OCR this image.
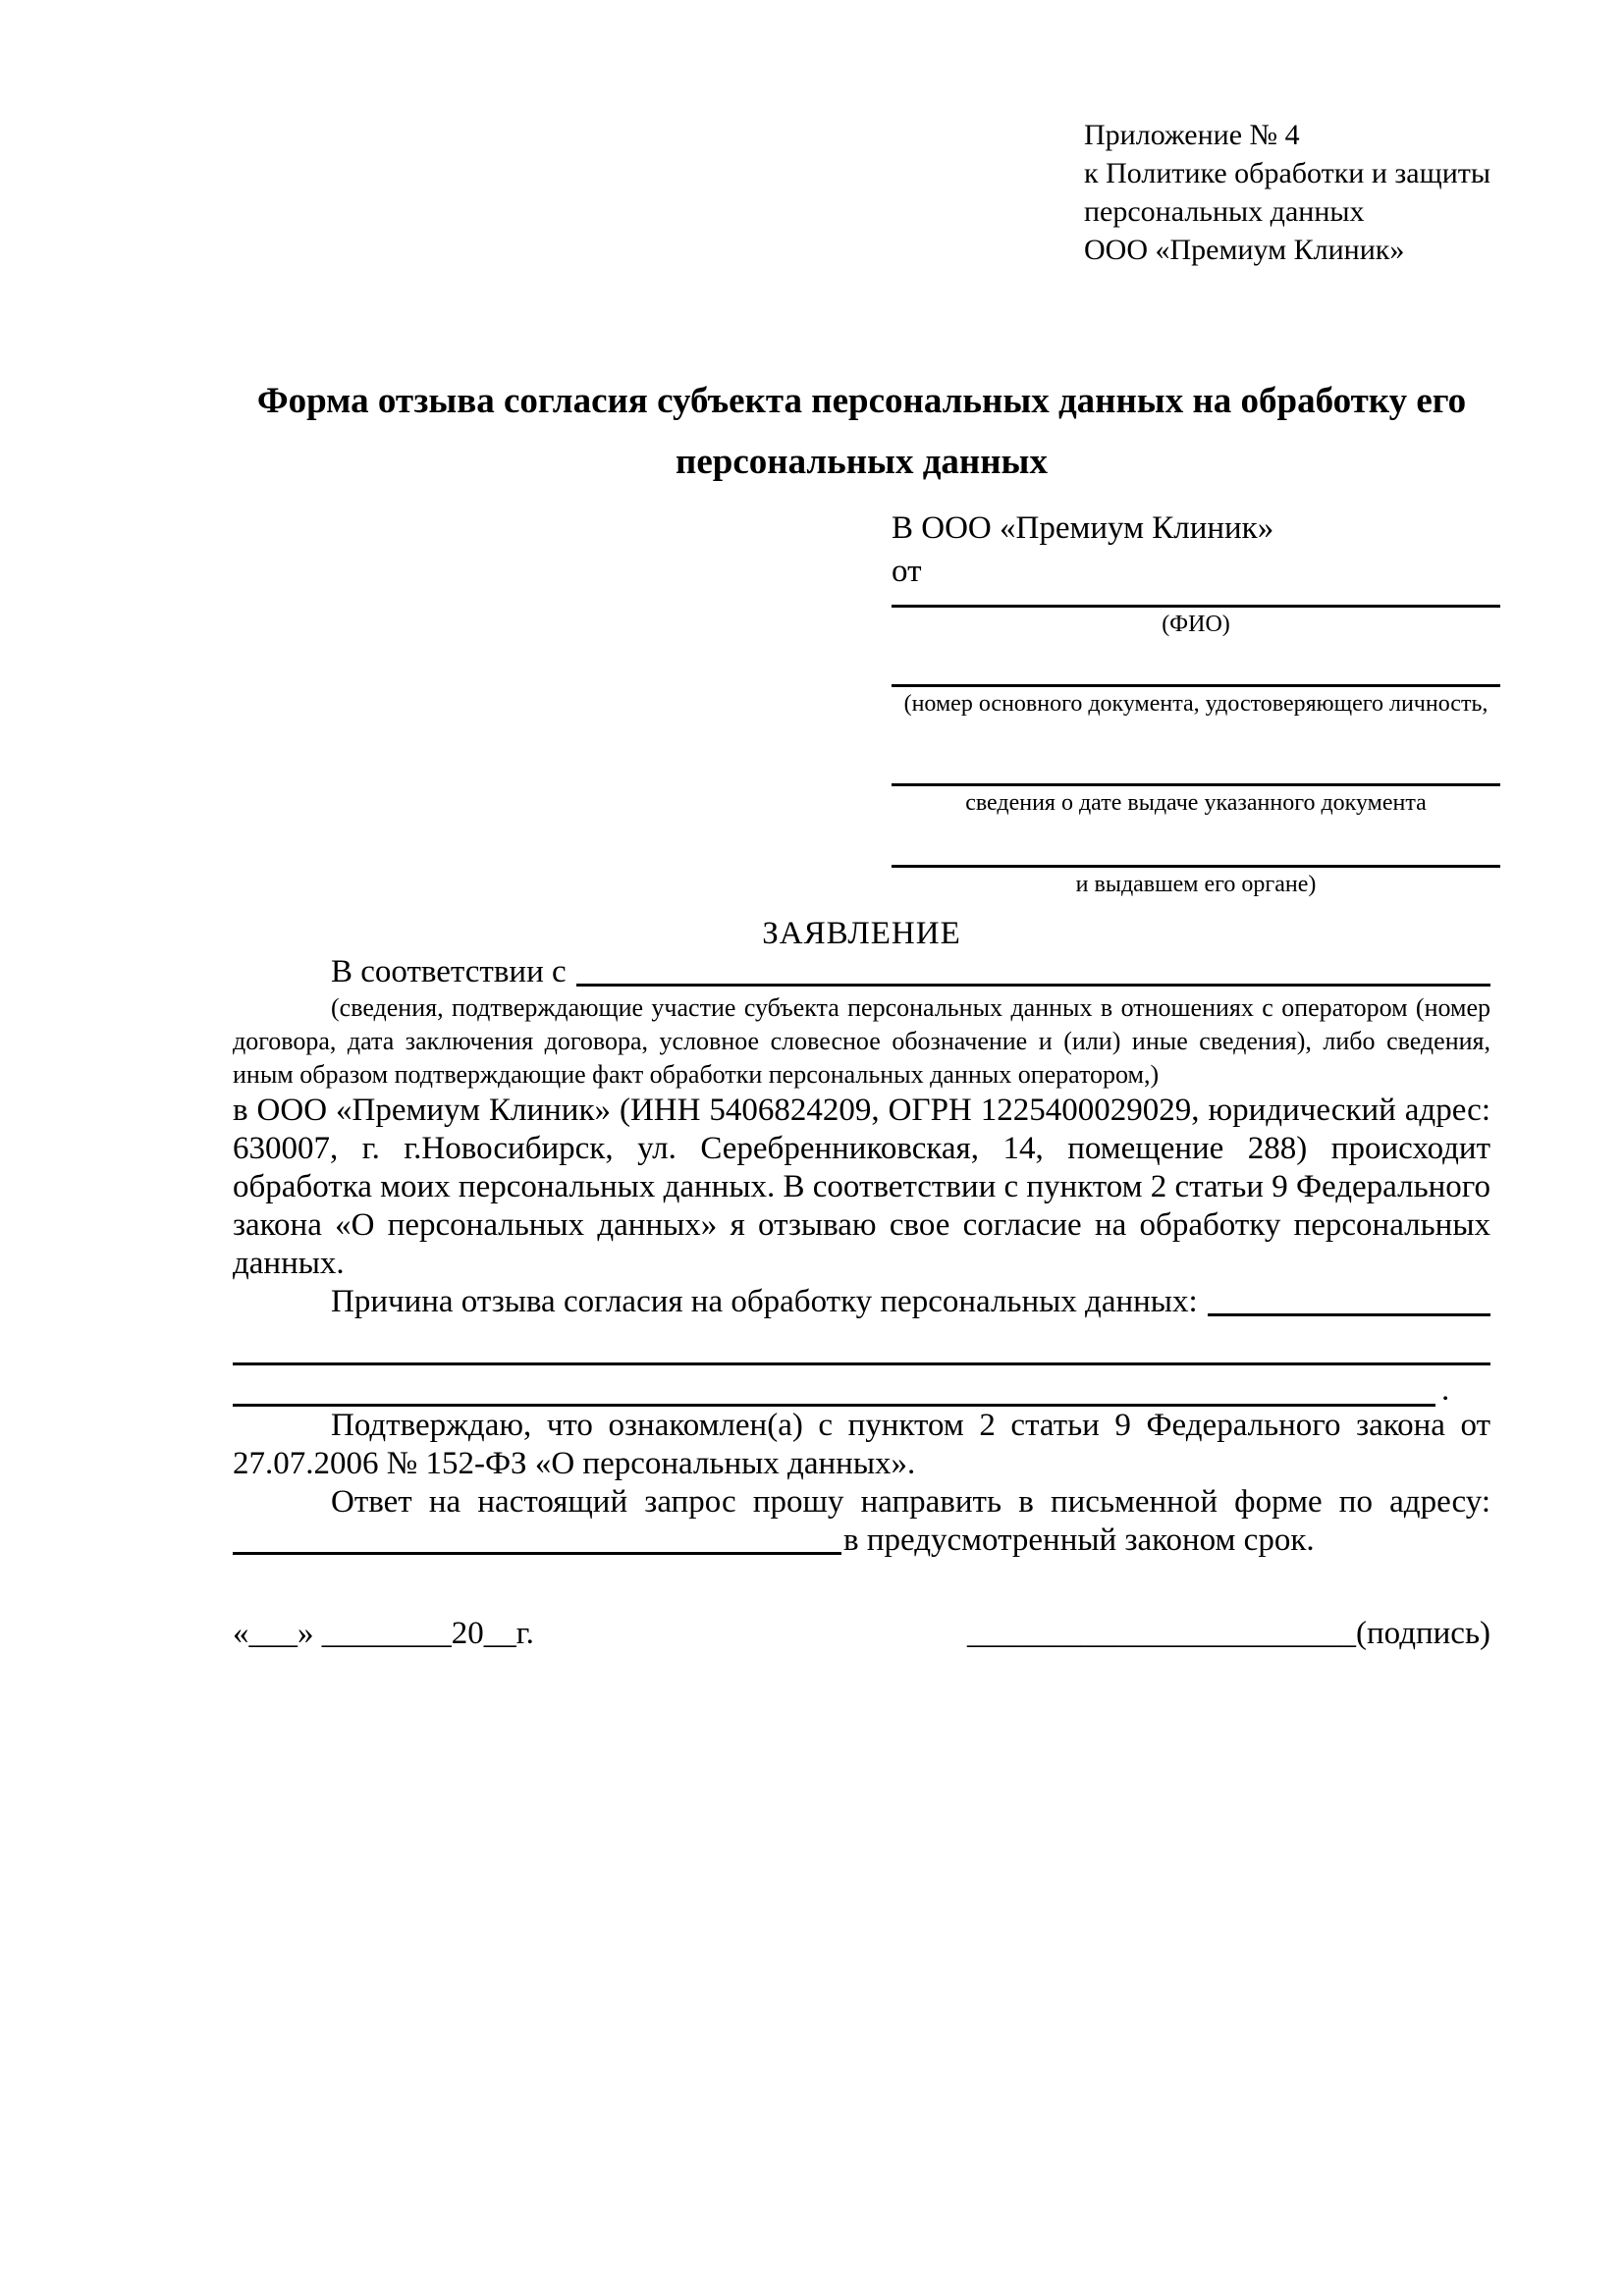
Приложение № 4
к Политике обработки и защиты
персональных данных
ООО «Премиум Клиник»
Форма отзыва согласия субъекта персональных данных на обработку его персональных данных
В ООО «Премиум Клиник»
от
(ФИО)
(номер основного документа, удостоверяющего личность,
сведения о дате выдаче указанного документа
и выдавшем его органе)
ЗАЯВЛЕНИЕ
В соответствии с
(сведения, подтверждающие участие субъекта персональных данных в отношениях с оператором (номер договора, дата заключения договора, условное словесное обозначение и (или) иные сведения), либо сведения, иным образом подтверждающие факт обработки персональных данных оператором,)
в ООО «Премиум Клиник» (ИНН 5406824209, ОГРН 1225400029029, юридический адрес: 630007, г. г.Новосибирск, ул. Серебренниковская, 14, помещение 288) происходит обработка моих персональных данных. В соответствии с пунктом 2 статьи 9 Федерального закона «О персональных данных» я отзываю свое согласие на обработку персональных данных.
Причина отзыва согласия на обработку персональных данных:
.
Подтверждаю, что ознакомлен(а) с пунктом 2 статьи 9 Федерального закона от 27.07.2006 № 152-ФЗ «О персональных данных».
Ответ на настоящий запрос прошу направить в письменной форме по адресу:
в предусмотренный законом срок.
«___» ________20__г.	________________________(подпись)
